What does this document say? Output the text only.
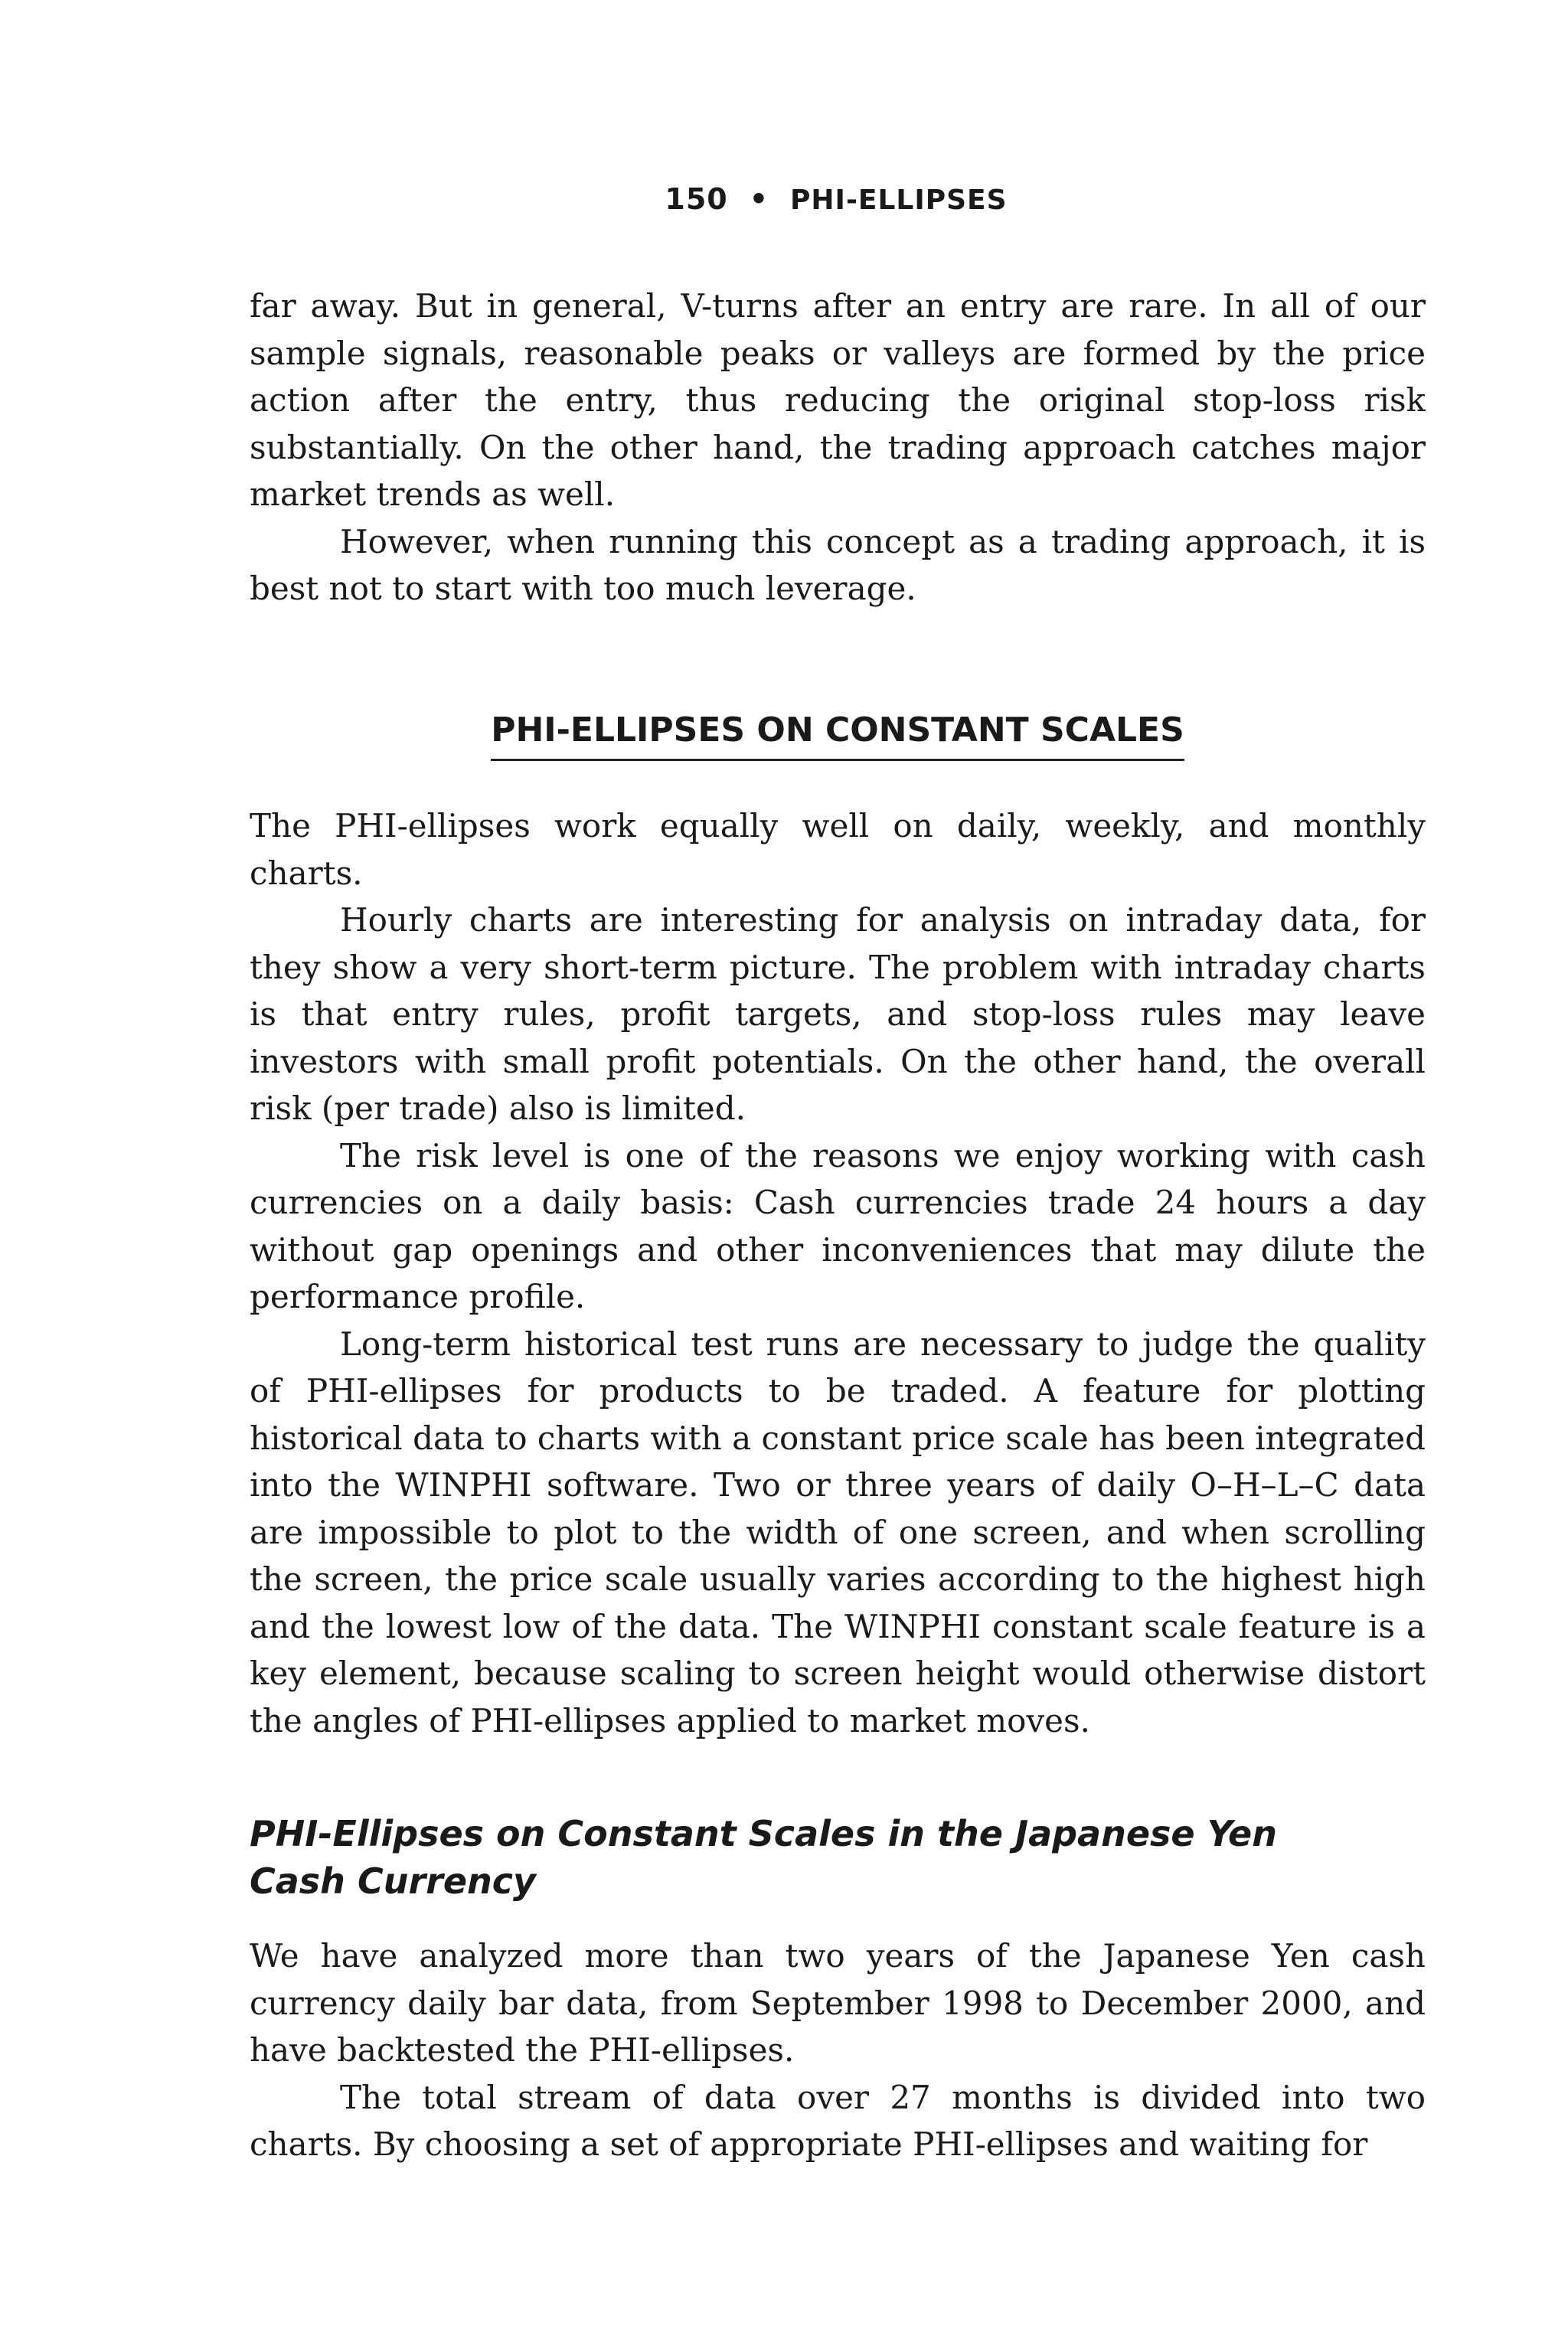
150 • PHI-ELLIPSES

far away. But in general, V-turns after an entry are rare. In all of our sample signals, reasonable peaks or valleys are formed by the price action after the entry, thus reducing the original stop-loss risk substantially. On the other hand, the trading approach catches major market trends as well.

However, when running this concept as a trading approach, it is best not to start with too much leverage.

PHI-ELLIPSES ON CONSTANT SCALES

The PHI-ellipses work equally well on daily, weekly, and monthly charts.

Hourly charts are interesting for analysis on intraday data, for they show a very short-term picture. The problem with intraday charts is that entry rules, profit targets, and stop-loss rules may leave investors with small profit potentials. On the other hand, the overall risk (per trade) also is limited.

The risk level is one of the reasons we enjoy working with cash currencies on a daily basis: Cash currencies trade 24 hours a day without gap openings and other inconveniences that may dilute the performance profile.

Long-term historical test runs are necessary to judge the quality of PHI-ellipses for products to be traded. A feature for plotting historical data to charts with a constant price scale has been integrated into the WINPHI software. Two or three years of daily O–H–L–C data are impossible to plot to the width of one screen, and when scrolling the screen, the price scale usually varies according to the highest high and the lowest low of the data. The WINPHI constant scale feature is a key element, because scaling to screen height would otherwise distort the angles of PHI-ellipses applied to market moves.

PHI-Ellipses on Constant Scales in the Japanese Yen
Cash Currency

We have analyzed more than two years of the Japanese Yen cash currency daily bar data, from September 1998 to December 2000, and have backtested the PHI-ellipses.

The total stream of data over 27 months is divided into two charts. By choosing a set of appropriate PHI-ellipses and waiting for
